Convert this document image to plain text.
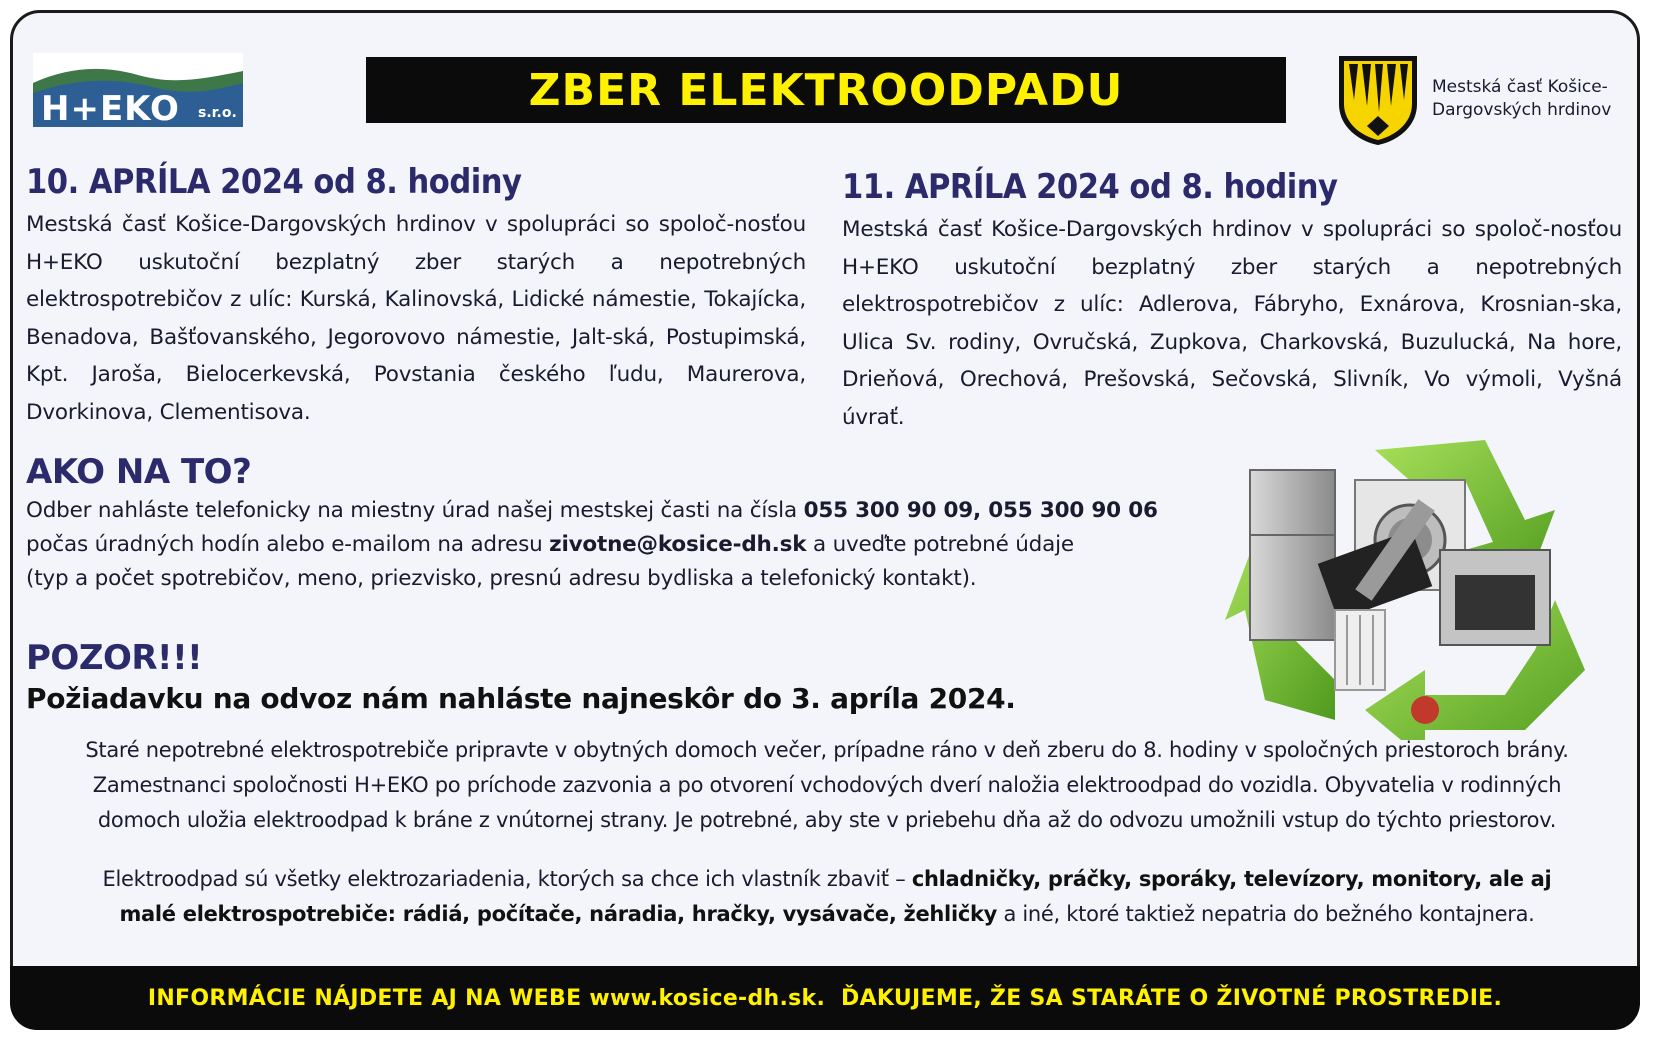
H+EKO s.r.o.	ZBER ELEKTROODPADU	Mestská časť Košice-
Dargovských hrdinov
10. APRÍLA 2024 od 8. hodiny
Mestská časť Košice-Dargovských hrdinov v spolupráci so spoloč-nosťou H+EKO uskutoční bezplatný zber starých a nepotrebných elektrospotrebičov z ulíc: Kurská, Kalinovská, Lidické námestie, Tokajícka, Benadova, Bašťovanského, Jegorovovo námestie, Jalt-ská, Postupimská, Kpt. Jaroša, Bielocerkevská, Povstania českého ľudu, Maurerova, Dvorkinova, Clementisova.
11. APRÍLA 2024 od 8. hodiny
Mestská časť Košice-Dargovských hrdinov v spolupráci so spoloč-nosťou H+EKO uskutoční bezplatný zber starých a nepotrebných elektrospotrebičov z ulíc: Adlerova, Fábryho, Exnárova, Krosnian-ska, Ulica Sv. rodiny, Ovručská, Zupkova, Charkovská, Buzulucká, Na hore, Drieňová, Orechová, Prešovská, Sečovská, Slivník, Vo výmoli, Vyšná úvrať.
AKO NA TO?
Odber nahláste telefonicky na miestny úrad našej mestskej časti na čísla 055 300 90 09, 055 300 90 06
počas úradných hodín alebo e-mailom na adresu zivotne@kosice-dh.sk a uveďte potrebné údaje
(typ a počet spotrebičov, meno, priezvisko, presnú adresu bydliska a telefonický kontakt).
POZOR!!!
Požiadavku na odvoz nám nahláste najneskôr do 3. apríla 2024.
Staré nepotrebné elektrospotrebiče pripravte v obytných domoch večer, prípadne ráno v deň zberu do 8. hodiny v spoločných priestoroch brány.
Zamestnanci spoločnosti H+EKO po príchode zazvonia a po otvorení vchodových dverí naložia elektroodpad do vozidla. Obyvatelia v rodinných
domoch uložia elektroodpad k bráne z vnútornej strany. Je potrebné, aby ste v priebehu dňa až do odvozu umožnili vstup do týchto priestorov.
Elektroodpad sú všetky elektrozariadenia, ktorých sa chce ich vlastník zbaviť – chladničky, práčky, sporáky, televízory, monitory, ale aj
malé elektrospotrebiče: rádiá, počítače, náradia, hračky, vysávače, žehličky a iné, ktoré taktiež nepatria do bežného kontajnera.
INFORMÁCIE NÁJDETE AJ NA WEBE www.kosice-dh.sk.  ĎAKUJEME, ŽE SA STARÁTE O ŽIVOTNÉ PROSTREDIE.
